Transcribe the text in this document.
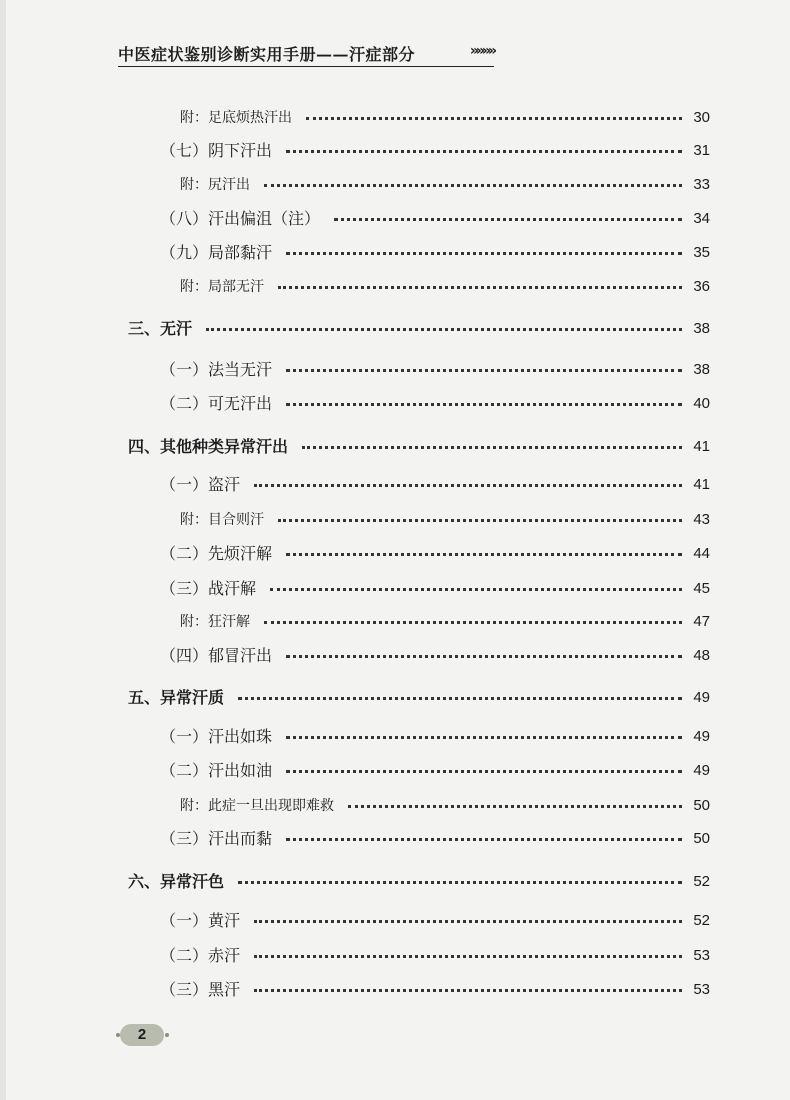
中医症状鉴别诊断实用手册——汗症部分	»»»»
附：足底烦热汗出	30
（七）阴下汗出	31
附：尻汗出	33
（八）汗出偏沮（注）	34
（九）局部黏汗	35
附：局部无汗	36
三、无汗	38
（一）法当无汗	38
（二）可无汗出	40
四、其他种类异常汗出	41
（一）盗汗	41
附：目合则汗	43
（二）先烦汗解	44
（三）战汗解	45
附：狂汗解	47
（四）郁冒汗出	48
五、异常汗质	49
（一）汗出如珠	49
（二）汗出如油	49
附：此症一旦出现即难救	50
（三）汗出而黏	50
六、异常汗色	52
（一）黄汗	52
（二）赤汗	53
（三）黑汗	53
2
